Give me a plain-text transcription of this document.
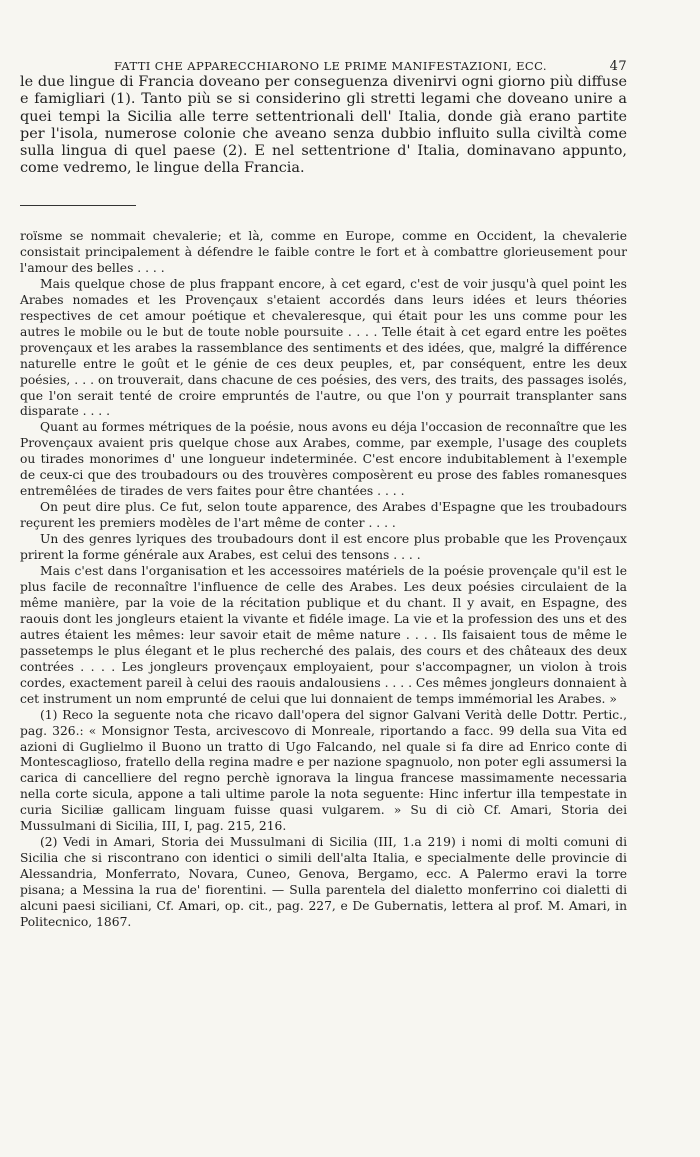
FATTI CHE APPARECCHIARONO LE PRIME MANIFESTAZIONI, ECC.	47

le due lingue di Francia doveano per conseguenza divenirvi ogni giorno più diffuse e famigliari (1). Tanto più se si considerino gli stretti legami che doveano unire a quei tempi la Sicilia alle terre settentrionali dell' Italia, donde già erano partite per l'isola, numerose colonie che aveano senza dubbio influito sulla civiltà come sulla lingua di quel paese (2). E nel settentrione d' Italia, dominavano appunto, come vedremo, le lingue della Francia.

roïsme se nommait chevalerie; et là, comme en Europe, comme en Occident, la chevalerie consistait principalement à défendre le faible contre le fort et à combattre glorieusement pour l'amour des belles . . . .

Mais quelque chose de plus frappant encore, à cet egard, c'est de voir jusqu'à quel point les Arabes nomades et les Provençaux s'etaient accordés dans leurs idées et leurs théories respectives de cet amour poétique et chevaleresque, qui était pour les uns comme pour les autres le mobile ou le but de toute noble poursuite . . . . Telle était à cet egard entre les poëtes provençaux et les arabes la rassemblance des sentiments et des idées, que, malgré la différence naturelle entre le goût et le génie de ces deux peuples, et, par conséquent, entre les deux poésies, . . . on trouverait, dans chacune de ces poésies, des vers, des traits, des passages isolés, que l'on serait tenté de croire empruntés de l'autre, ou que l'on y pourrait transplanter sans disparate . . . .

Quant au formes métriques de la poésie, nous avons eu déja l'occasion de reconnaître que les Provençaux avaient pris quelque chose aux Arabes, comme, par exemple, l'usage des couplets ou tirades monorimes d' une longueur indeterminée. C'est encore indubitablement à l'exemple de ceux-ci que des troubadours ou des trouvères composèrent eu prose des fables romanesques entremêlées de tirades de vers faites pour être chantées . . . .

On peut dire plus. Ce fut, selon toute apparence, des Arabes d'Espagne que les troubadours reçurent les premiers modèles de l'art même de conter . . . .

Un des genres lyriques des troubadours dont il est encore plus probable que les Provençaux prirent la forme générale aux Arabes, est celui des tensons . . . .

Mais c'est dans l'organisation et les accessoires matériels de la poésie provençale qu'il est le plus facile de reconnaître l'influence de celle des Arabes. Les deux poésies circulaient de la même manière, par la voie de la récitation publique et du chant. Il y avait, en Espagne, des raouis dont les jongleurs etaient la vivante et fidéle image. La vie et la profession des uns et des autres étaient les mêmes: leur savoir etait de même nature . . . . Ils faisaient tous de même le passetemps le plus élegant et le plus recherché des palais, des cours et des châteaux des deux contrées . . . . Les jongleurs provençaux employaient, pour s'accompagner, un violon à trois cordes, exactement pareil à celui des raouis andalousiens . . . . Ces mêmes jongleurs donnaient à cet instrument un nom emprunté de celui que lui donnaient de temps immémorial les Arabes. »

(1) Reco la seguente nota che ricavo dall'opera del signor Galvani Verità delle Dottr. Pertic., pag. 326.: « Monsignor Testa, arcivescovo di Monreale, riportando a facc. 99 della sua Vita ed azioni di Guglielmo il Buono un tratto di Ugo Falcando, nel quale si fa dire ad Enrico conte di Montescaglioso, fratello della regina madre e per nazione spagnuolo, non poter egli assumersi la carica di cancelliere del regno perchè ignorava la lingua francese massimamente necessaria nella corte sicula, appone a tali ultime parole la nota seguente: Hinc infertur illa tempestate in curia Siciliæ gallicam linguam fuisse quasi vulgarem. » Su di ciò Cf. Amari, Storia dei Mussulmani di Sicilia, III, I, pag. 215, 216.

(2) Vedi in Amari, Storia dei Mussulmani di Sicilia (III, 1.a 219) i nomi di molti comuni di Sicilia che si riscontrano con identici o simili dell'alta Italia, e specialmente delle provincie di Alessandria, Monferrato, Novara, Cuneo, Genova, Bergamo, ecc. A Palermo eravi la torre pisana; a Messina la rua de' fiorentini. — Sulla parentela del dialetto monferrino coi dialetti di alcuni paesi siciliani, Cf. Amari, op. cit., pag. 227, e De Gubernatis, lettera al prof. M. Amari, in Politecnico, 1867.
